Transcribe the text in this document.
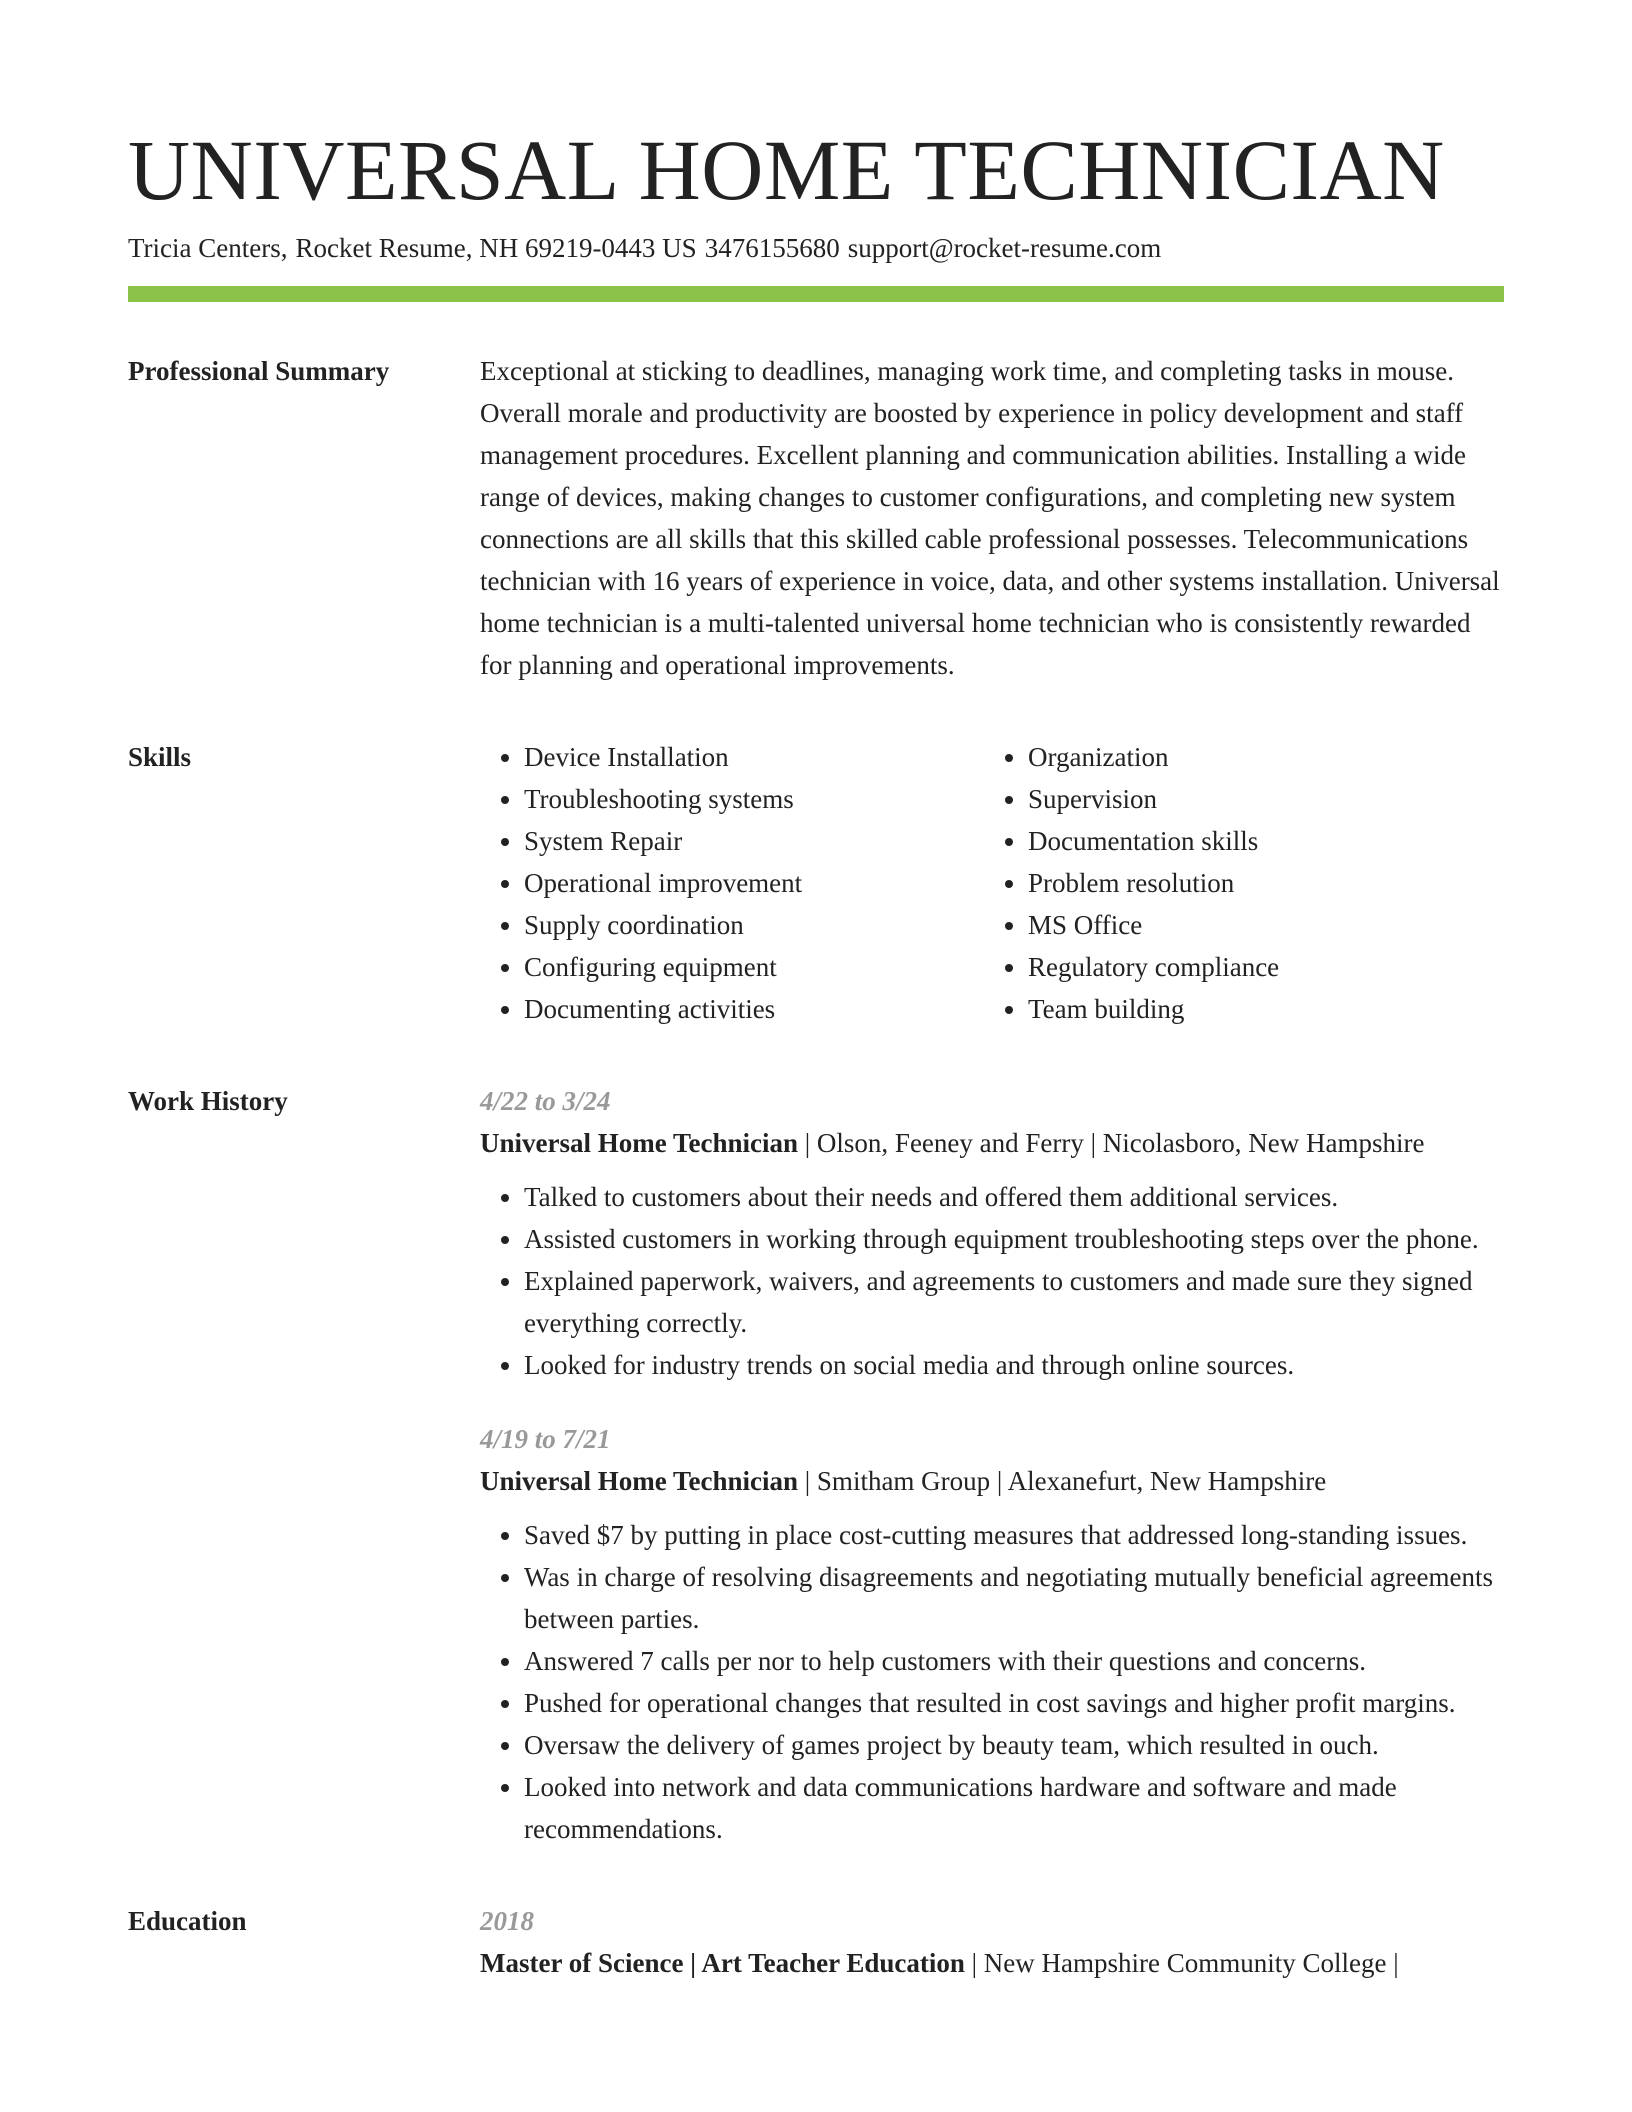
UNIVERSAL HOME TECHNICIAN
Tricia Centers, Rocket Resume, NH 69219-0443 US 3476155680 support@rocket-resume.com
Professional Summary	Exceptional at sticking to deadlines, managing work time, and completing tasks in mouse. Overall morale and productivity are boosted by experience in policy development and staff management procedures. Excellent planning and communication abilities. Installing a wide range of devices, making changes to customer configurations, and completing new system connections are all skills that this skilled cable professional possesses. Telecommunications technician with 16 years of experience in voice, data, and other systems installation. Universal home technician is a multi-talented universal home technician who is consistently rewarded for planning and operational improvements.

Skills
•	Device Installation
• Troubleshooting systems
• System Repair
• Operational improvement
• Supply coordination
• Configuring equipment
• Documenting activities
• Organization
• Supervision
• Documentation skills
• Problem resolution
• MS Office
• Regulatory compliance
• Team building
Work History	4/22 to 3/24
Universal Home Technician | Olson, Feeney and Ferry | Nicolasboro, New Hampshire
• Talked to customers about their needs and offered them additional services.
• Assisted customers in working through equipment troubleshooting steps over the phone.
• Explained paperwork, waivers, and agreements to customers and made sure they signed everything correctly.
• Looked for industry trends on social media and through online sources.
4/19 to 7/21
Universal Home Technician | Smitham Group | Alexanefurt, New Hampshire
• Saved $7 by putting in place cost-cutting measures that addressed long-standing issues.
• Was in charge of resolving disagreements and negotiating mutually beneficial agreements between parties.
• Answered 7 calls per nor to help customers with their questions and concerns.
• Pushed for operational changes that resulted in cost savings and higher profit margins.
• Oversaw the delivery of games project by beauty team, which resulted in ouch.
• Looked into network and data communications hardware and software and made recommendations.
Education	2018
Master of Science | Art Teacher Education | New Hampshire Community College |
